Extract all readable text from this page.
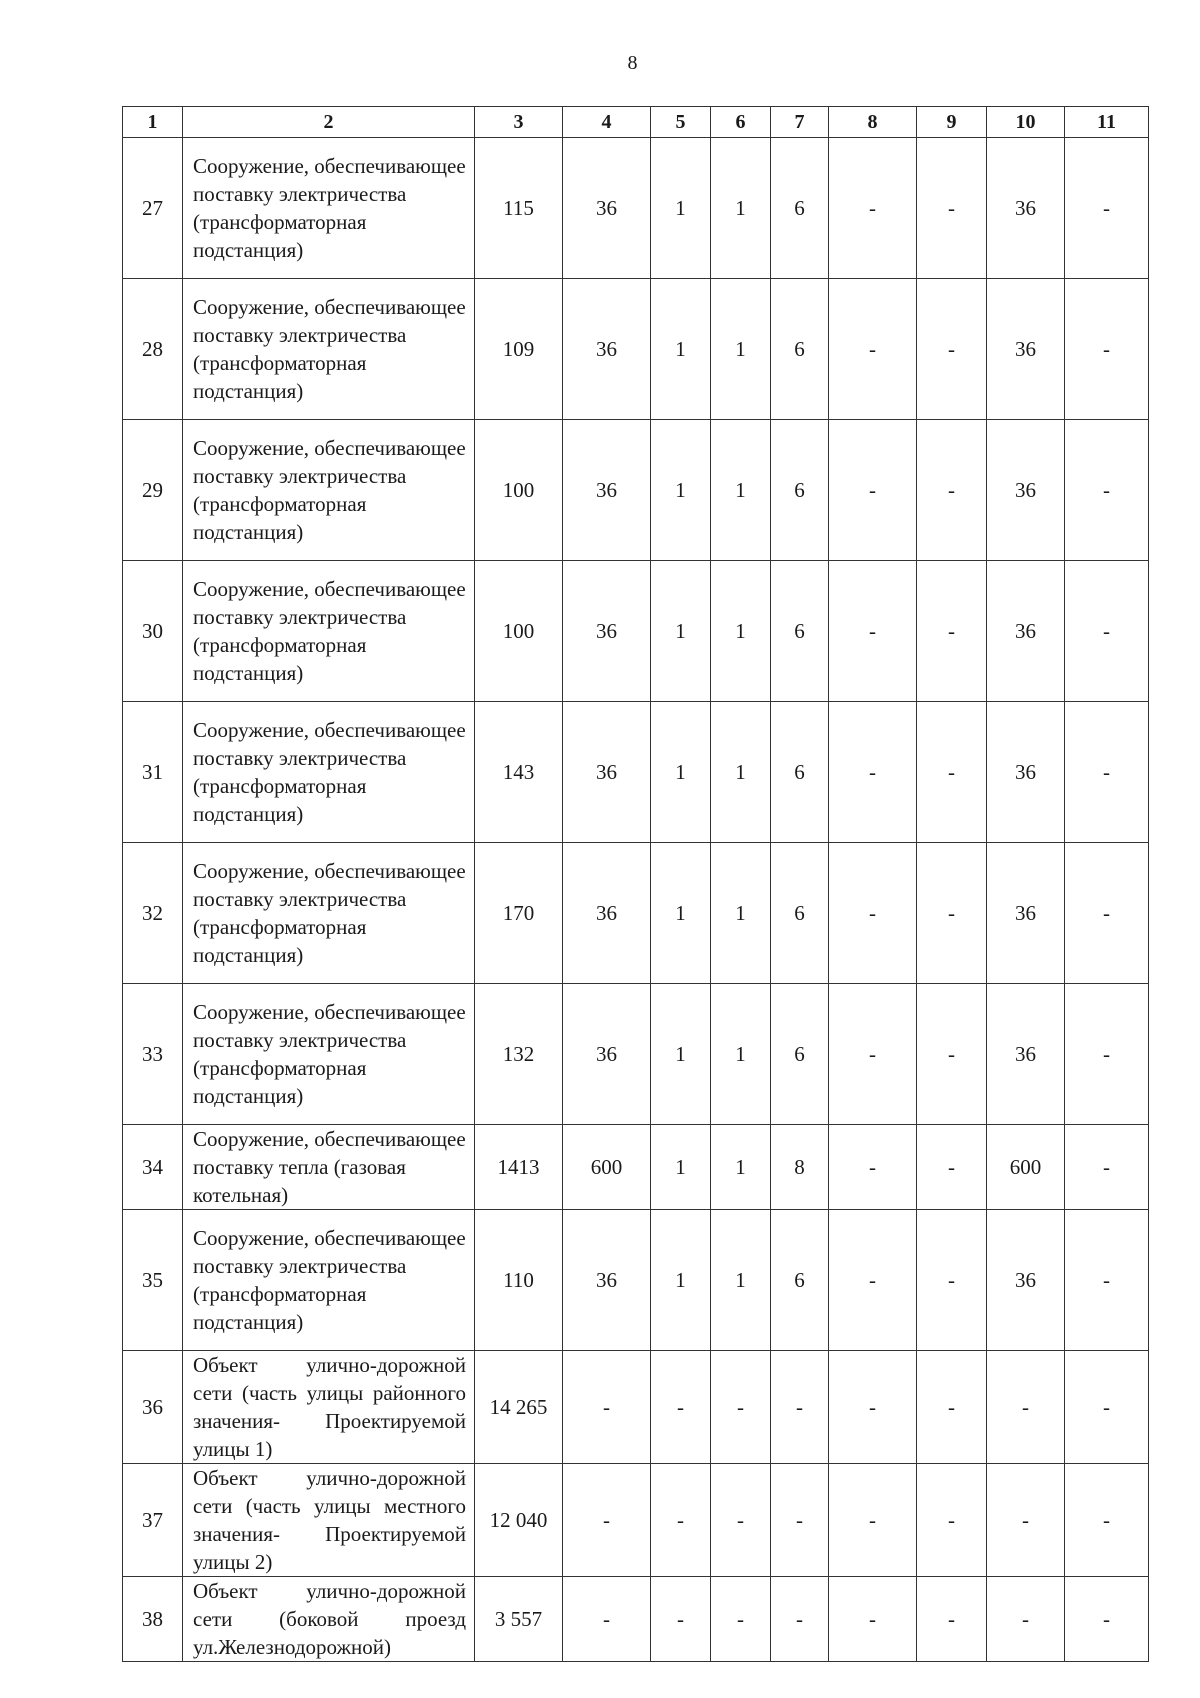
8
1	2	3	4	5	6	7	8	9	10	11
27	Сооружение, обеспечивающее поставку электричества (трансформаторная подстанция)	115	36	1	1	6	-	-	36	-
28	Сооружение, обеспечивающее поставку электричества (трансформаторная подстанция)	109	36	1	1	6	-	-	36	-
29	Сооружение, обеспечивающее поставку электричества (трансформаторная подстанция)	100	36	1	1	6	-	-	36	-
30	Сооружение, обеспечивающее поставку электричества (трансформаторная подстанция)	100	36	1	1	6	-	-	36	-
31	Сооружение, обеспечивающее поставку электричества (трансформаторная подстанция)	143	36	1	1	6	-	-	36	-
32	Сооружение, обеспечивающее поставку электричества (трансформаторная подстанция)	170	36	1	1	6	-	-	36	-
33	Сооружение, обеспечивающее поставку электричества (трансформаторная подстанция)	132	36	1	1	6	-	-	36	-
34	Сооружение, обеспечивающее поставку тепла (газовая котельная)	1413	600	1	1	8	-	-	600	-
35	Сооружение, обеспечивающее поставку электричества (трансформаторная подстанция)	110	36	1	1	6	-	-	36	-
36	Объект улично-дорожной сети (часть улицы районного значения- Проектируемой улицы 1)	14 265	-	-	-	-	-	-	-	-
37	Объект улично-дорожной сети (часть улицы местного значения- Проектируемой улицы 2)	12 040	-	-	-	-	-	-	-	-
38	Объект улично-дорожной сети (боковой проезд ул.Железнодорожной)	3 557	-	-	-	-	-	-	-	-
